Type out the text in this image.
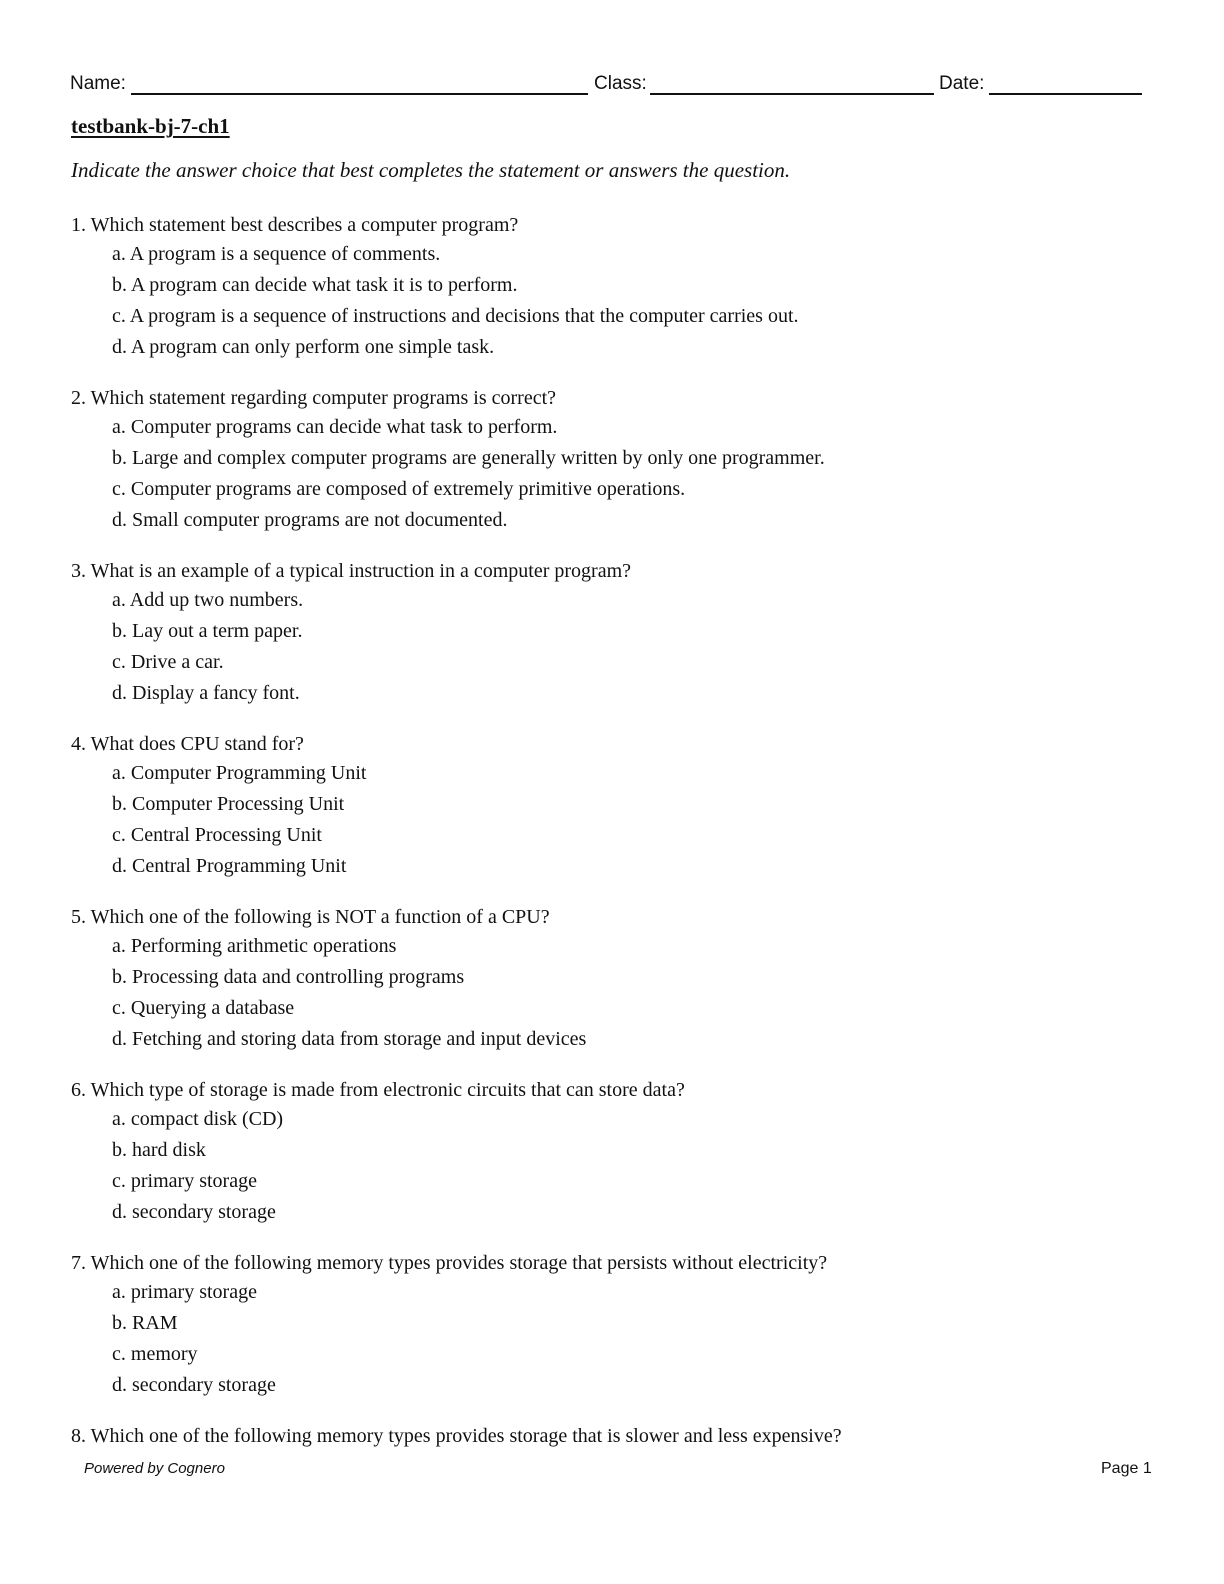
Name:	Class:	Date:
testbank-bj-7-ch1
Indicate the answer choice that best completes the statement or answers the question.
1. Which statement best describes a computer program?
a. A program is a sequence of comments.
b. A program can decide what task it is to perform.
c. A program is a sequence of instructions and decisions that the computer carries out.
d. A program can only perform one simple task.
2. Which statement regarding computer programs is correct?
a. Computer programs can decide what task to perform.
b. Large and complex computer programs are generally written by only one programmer.
c. Computer programs are composed of extremely primitive operations.
d. Small computer programs are not documented.
3. What is an example of a typical instruction in a computer program?
a. Add up two numbers.
b. Lay out a term paper.
c. Drive a car.
d. Display a fancy font.
4. What does CPU stand for?
a. Computer Programming Unit
b. Computer Processing Unit
c. Central Processing Unit
d. Central Programming Unit
5. Which one of the following is NOT a function of a CPU?
a. Performing arithmetic operations
b. Processing data and controlling programs
c. Querying a database
d. Fetching and storing data from storage and input devices
6. Which type of storage is made from electronic circuits that can store data?
a. compact disk (CD)
b. hard disk
c. primary storage
d. secondary storage
7. Which one of the following memory types provides storage that persists without electricity?
a. primary storage
b. RAM
c. memory
d. secondary storage
8. Which one of the following memory types provides storage that is slower and less expensive?
Powered by Cognero	Page 1
